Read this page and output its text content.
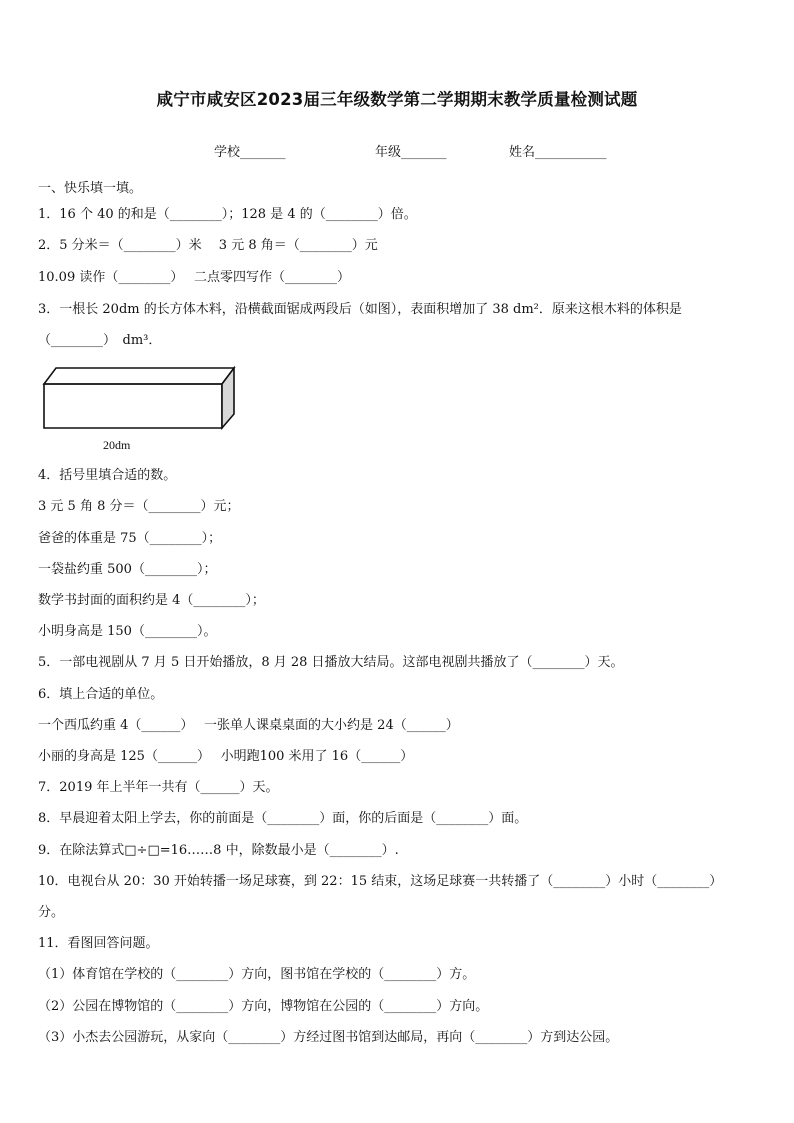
咸宁市咸安区2023届三年级数学第二学期期末教学质量检测试题
学校_______	年级_______	姓名___________
一、快乐填一填。
1．16 个 40 的和是（________）；128 是 4 的（________）倍。
2．5 分米＝（________）米　 3 元 8 角＝（________）元
10.09 读作（________）　 二点零四写作（________）
3．一根长 20dm 的长方体木料，沿横截面锯成两段后（如图），表面积增加了 38 dm²．原来这根木料的体积是
（________）　dm³．
20dm
4．括号里填合适的数。
3 元 5 角 8 分＝（________）元；
爸爸的体重是 75（________）；
一袋盐约重 500（________）；
数学书封面的面积约是 4（________）；
小明身高是 150（________）。
5．一部电视剧从 7 月 5 日开始播放，8 月 28 日播放大结局。这部电视剧共播放了（________）天。
6．填上合适的单位。
一个西瓜约重 4（______）　 一张单人课桌桌面的大小约是 24（______）
小丽的身高是 125（______）　 小明跑100 米用了 16（______）
7．2019 年上半年一共有（______）天。
8．早晨迎着太阳上学去，你的前面是（________）面，你的后面是（________）面。
9．在除法算式□÷□=16……8 中，除数最小是（________）.
10．电视台从 20：30 开始转播一场足球赛，到 22：15 结束，这场足球赛一共转播了（________）小时（________）
分。
11．看图回答问题。
（1）体育馆在学校的（________）方向，图书馆在学校的（________）方。
（2）公园在博物馆的（________）方向，博物馆在公园的（________）方向。
（3）小杰去公园游玩，从家向（________）方经过图书馆到达邮局，再向（________）方到达公园。
